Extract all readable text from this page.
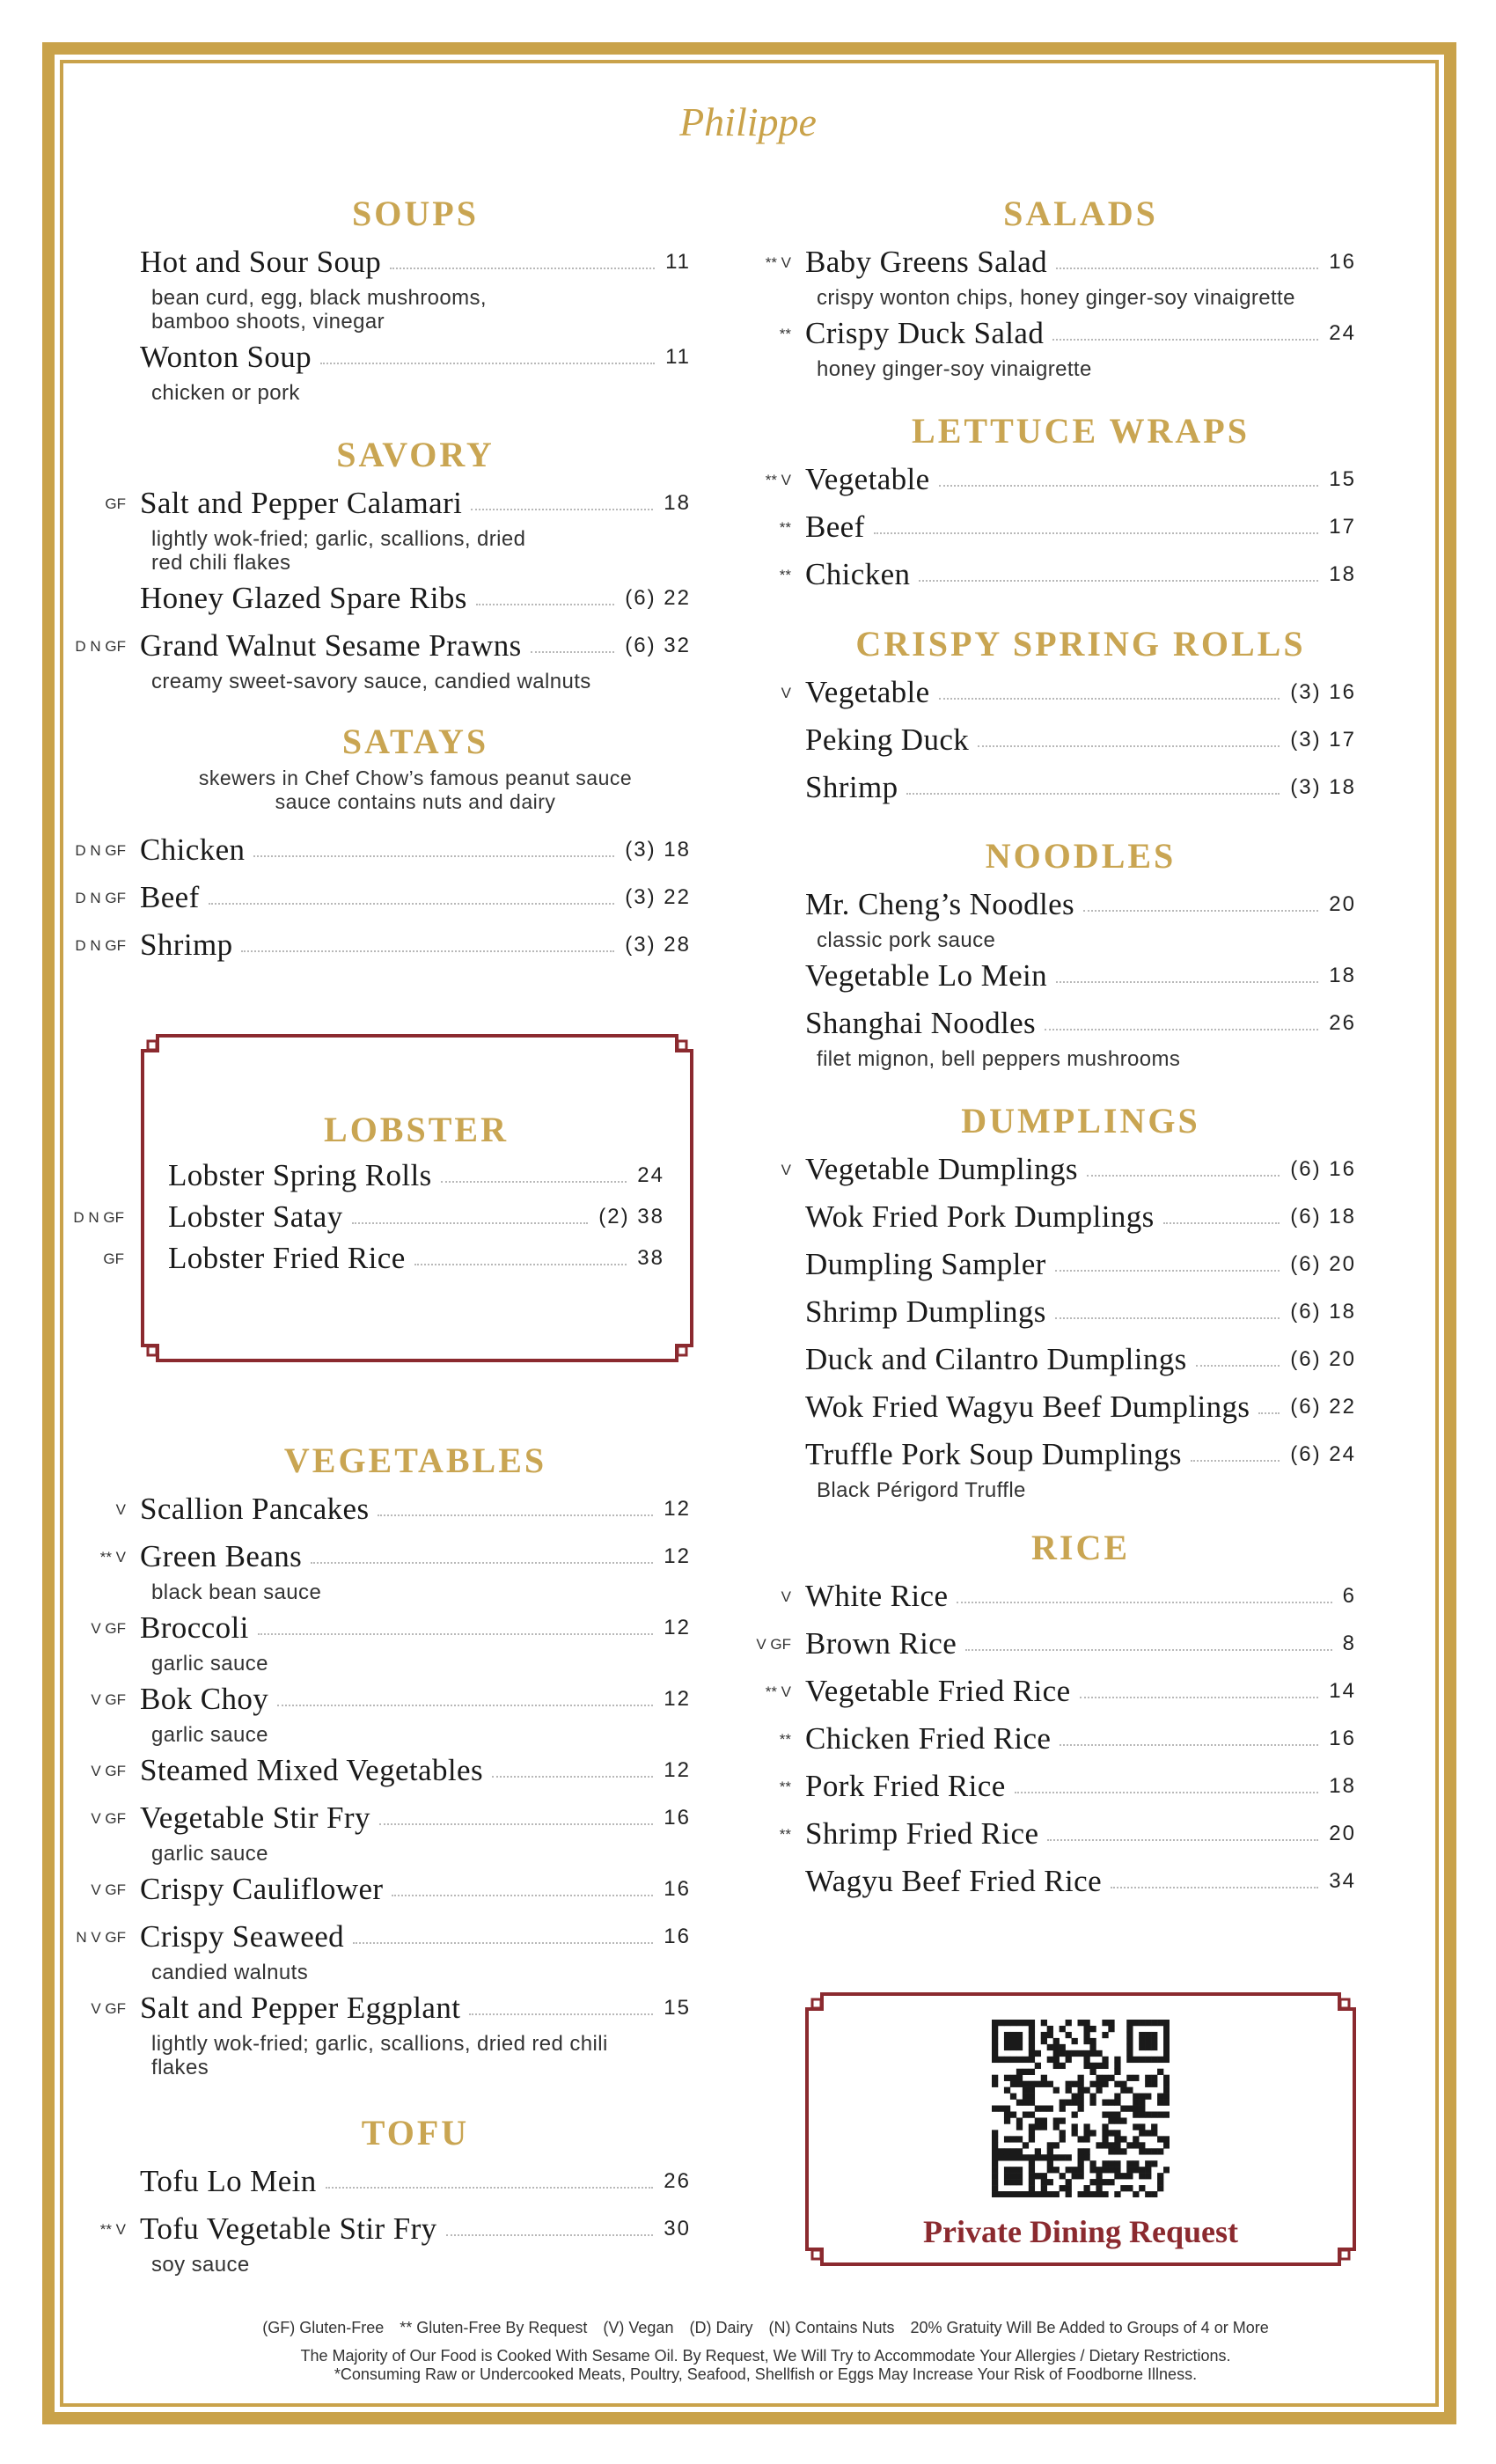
Philippe
Private Dining Request
SOUPS
Hot and Sour Soup	11
bean curd, egg, black mushrooms,
bamboo shoots, vinegar
Wonton Soup	11
chicken or pork
SAVORY
GF Salt and Pepper Calamari	18
lightly wok-fried; garlic, scallions, dried
red chili flakes
Honey Glazed Spare Ribs	(6) 22
D N GF Grand Walnut Sesame Prawns	(6) 32
creamy sweet-savory sauce, candied walnuts
SATAYS
skewers in Chef Chow’s famous peanut sauce
sauce contains nuts and dairy
D N GF Chicken	(3) 18
D N GF Beef	(3) 22
D N GF Shrimp	(3) 28
LOBSTER
Lobster Spring Rolls	24
D N GF Lobster Satay	(2) 38
GF Lobster Fried Rice	38
VEGETABLES
V Scallion Pancakes	12
** V Green Beans	12
black bean sauce
V GF Broccoli	12
garlic sauce
V GF Bok Choy	12
garlic sauce
V GF Steamed Mixed Vegetables	12
V GF Vegetable Stir Fry	16
garlic sauce
V GF Crispy Cauliflower	16
N V GF Crispy Seaweed	16
candied walnuts
V GF Salt and Pepper Eggplant	15
lightly wok-fried; garlic, scallions, dried red chili
flakes
TOFU
Tofu Lo Mein	26
** V Tofu Vegetable Stir Fry	30
soy sauce
SALADS
** V Baby Greens Salad	16
crispy wonton chips, honey ginger-soy vinaigrette
** Crispy Duck Salad	24
honey ginger-soy vinaigrette
LETTUCE WRAPS
** V Vegetable	15
** Beef	17
** Chicken	18
CRISPY SPRING ROLLS
V Vegetable	(3) 16
Peking Duck	(3) 17
Shrimp	(3) 18
NOODLES
Mr. Cheng’s Noodles	20
classic pork sauce
Vegetable Lo Mein	18
Shanghai Noodles	26
filet mignon, bell peppers mushrooms
DUMPLINGS
V Vegetable Dumplings	(6) 16
Wok Fried Pork Dumplings	(6) 18
Dumpling Sampler	(6) 20
Shrimp Dumplings	(6) 18
Duck and Cilantro Dumplings	(6) 20
Wok Fried Wagyu Beef Dumplings (6) 22
Truffle Pork Soup Dumplings	(6) 24
Black Périgord Truffle
RICE
V White Rice	6
V GF Brown Rice	8
** V Vegetable Fried Rice	14
** Chicken Fried Rice	16
** Pork Fried Rice	18
** Shrimp Fried Rice	20
Wagyu Beef Fried Rice	34
(GF) Gluten-Free ** Gluten-Free By Request (V) Vegan (D) Dairy (N) Contains Nuts 20% Gratuity Will Be Added to Groups of 4 or More
The Majority of Our Food is Cooked With Sesame Oil. By Request, We Will Try to Accommodate Your Allergies / Dietary Restrictions.
*Consuming Raw or Undercooked Meats, Poultry, Seafood, Shellfish or Eggs May Increase Your Risk of Foodborne Illness.
